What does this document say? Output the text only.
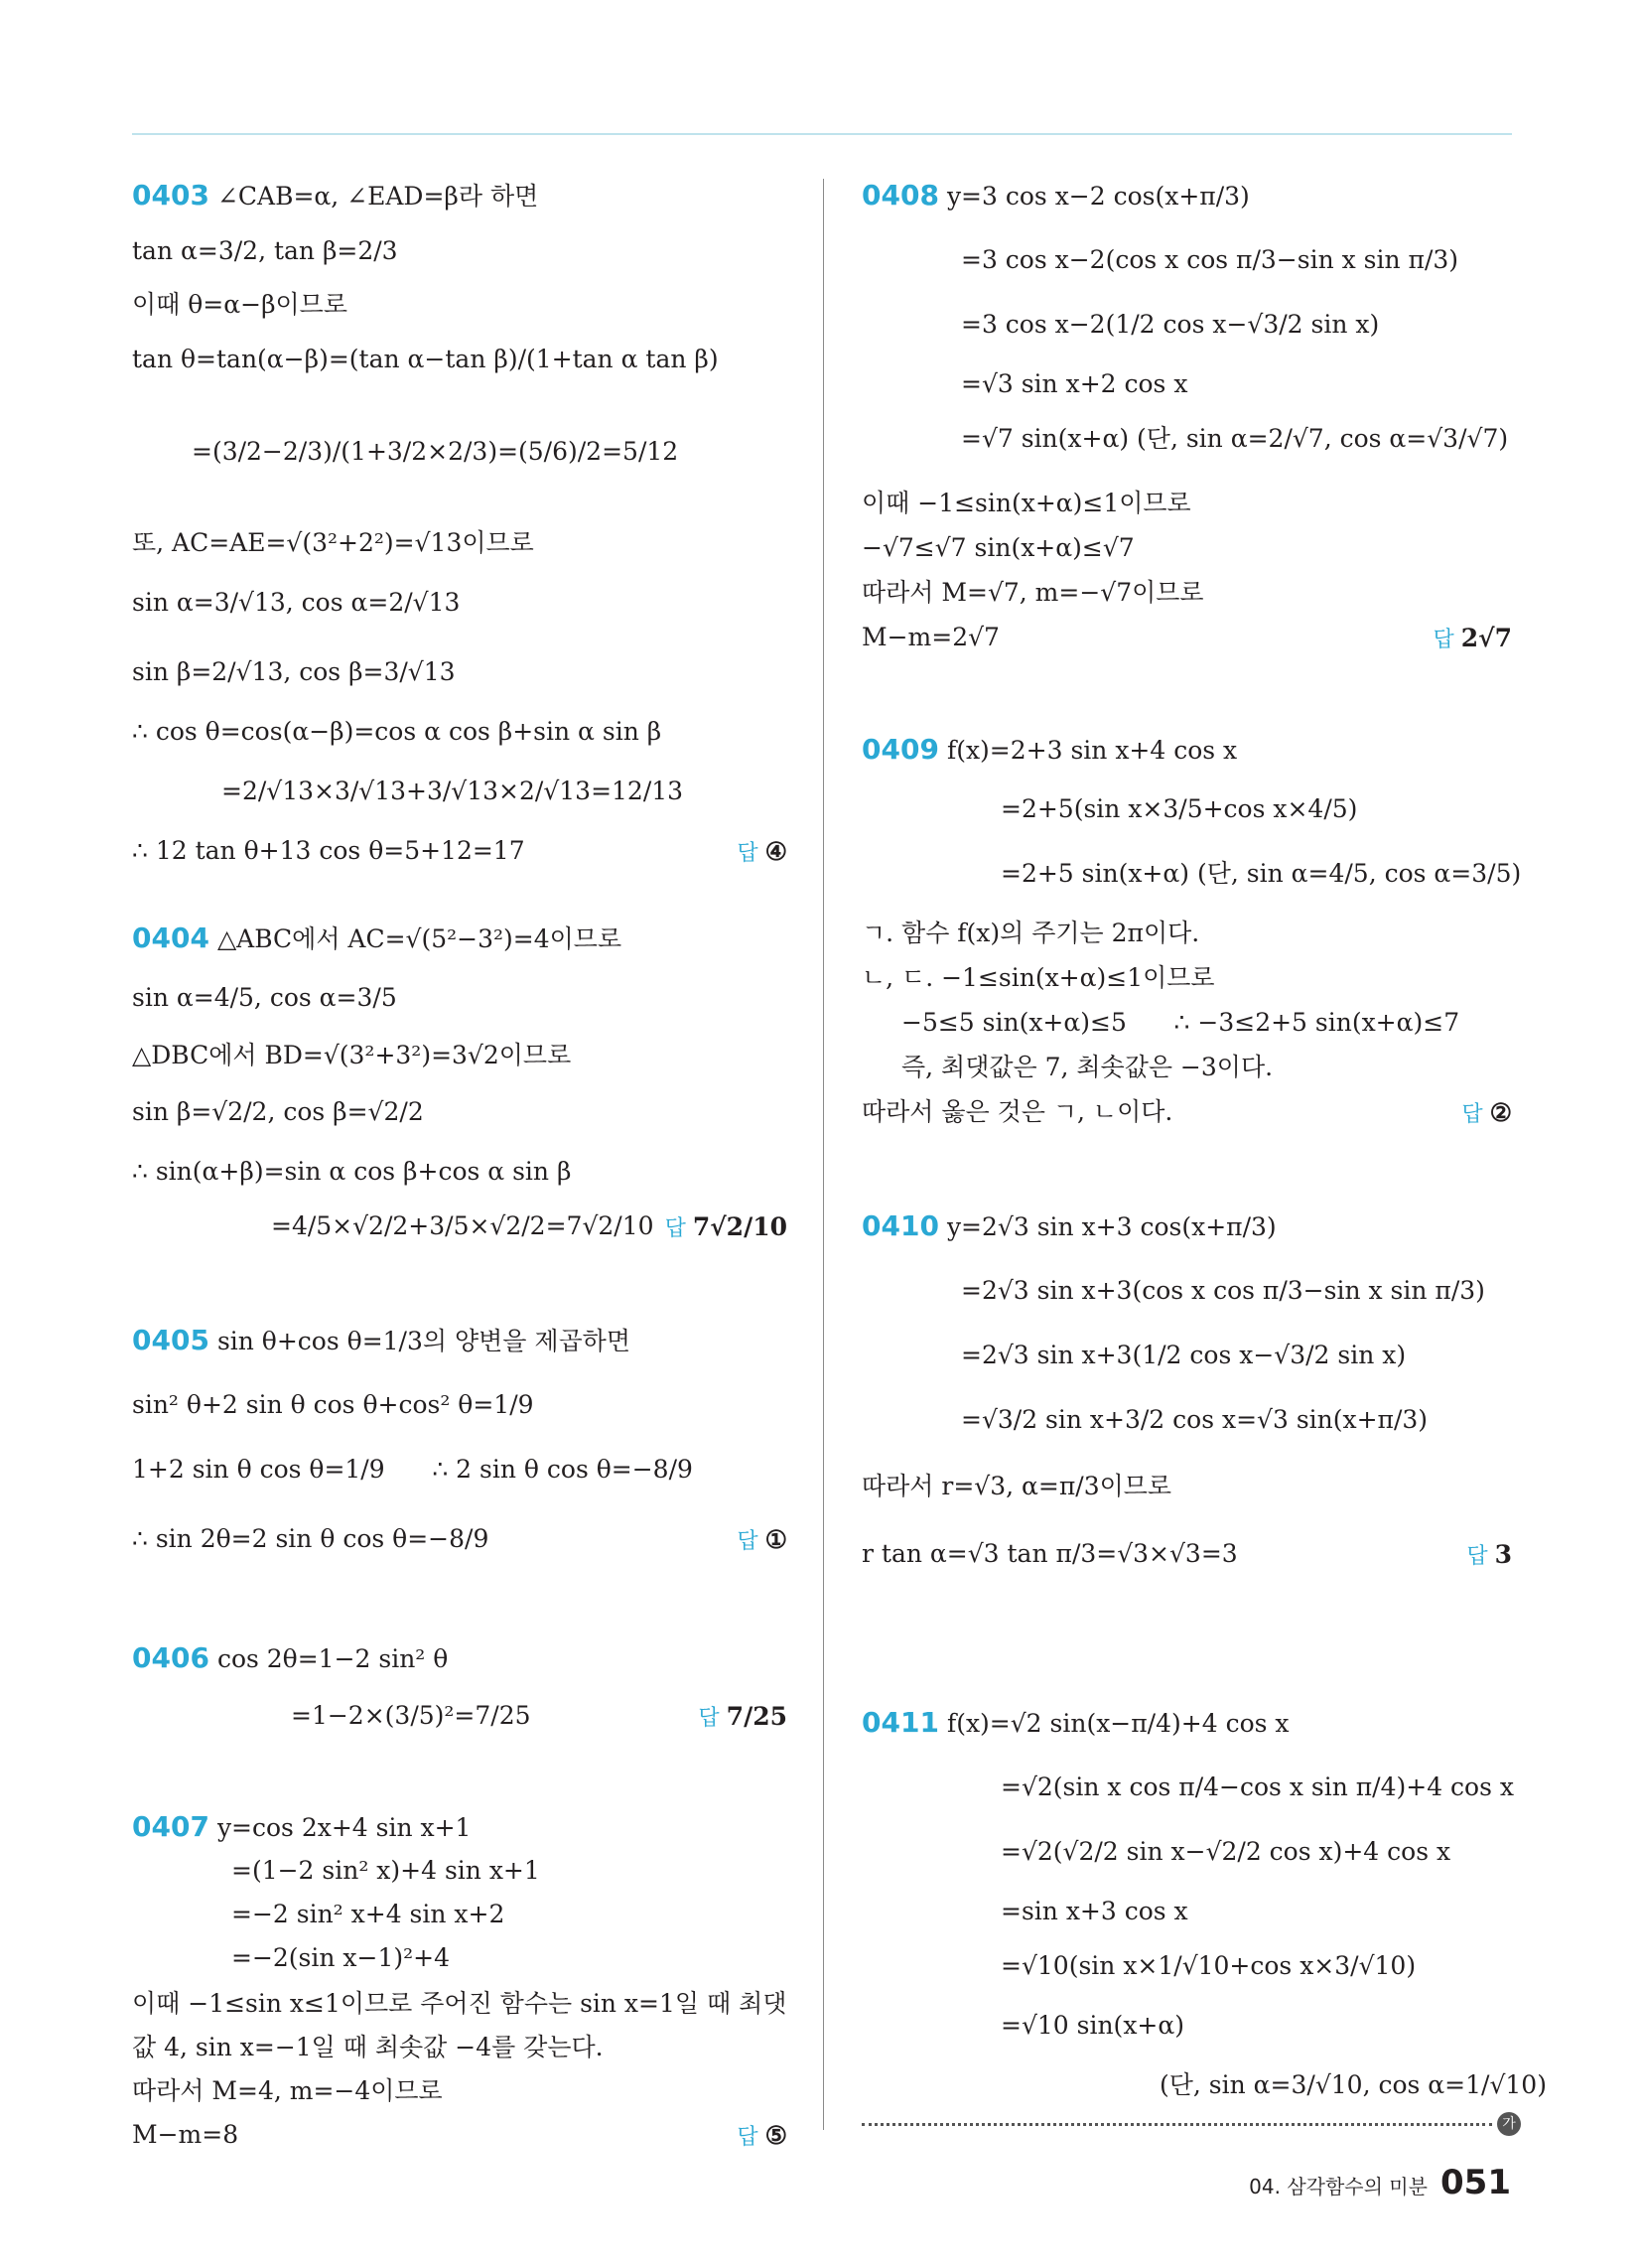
0403 ∠CAB=α, ∠EAD=β라 하면
tan α=3/2, tan β=2/3
이때 θ=α−β이므로
tan θ=tan(α−β)=(tan α−tan β)/(1+tan α tan β)
=(3/2−2/3)/(1+3/2×2/3)=(5/6)/2=5/12
또, AC=AE=√(3²+2²)=√13이므로
sin α=3/√13, cos α=2/√13
sin β=2/√13, cos β=3/√13
∴ cos θ=cos(α−β)=cos α cos β+sin α sin β
=2/√13×3/√13+3/√13×2/√13=12/13
∴ 12 tan θ+13 cos θ=5+12=17	답 ④
0404 △ABC에서 AC=√(5²−3²)=4이므로
sin α=4/5, cos α=3/5
△DBC에서 BD=√(3²+3²)=3√2이므로
sin β=√2/2, cos β=√2/2
∴ sin(α+β)=sin α cos β+cos α sin β
=4/5×√2/2+3/5×√2/2=7√2/10 답 7√2/10
0405 sin θ+cos θ=1/3의 양변을 제곱하면
sin² θ+2 sin θ cos θ+cos² θ=1/9
1+2 sin θ cos θ=1/9      ∴ 2 sin θ cos θ=−8/9
∴ sin 2θ=2 sin θ cos θ=−8/9	답 ①
0406 cos 2θ=1−2 sin² θ
=1−2×(3/5)²=7/25	답 7/25
0407 y=cos 2x+4 sin x+1
=(1−2 sin² x)+4 sin x+1
=−2 sin² x+4 sin x+2
=−2(sin x−1)²+4
이때 −1≤sin x≤1이므로 주어진 함수는 sin x=1일 때 최댓
값 4, sin x=−1일 때 최솟값 −4를 갖는다.
따라서 M=4, m=−4이므로
M−m=8	답 ⑤
0408 y=3 cos x−2 cos(x+π/3)
=3 cos x−2(cos x cos π/3−sin x sin π/3)
=3 cos x−2(1/2 cos x−√3/2 sin x)
=√3 sin x+2 cos x
=√7 sin(x+α) (단, sin α=2/√7, cos α=√3/√7)
이때 −1≤sin(x+α)≤1이므로
−√7≤√7 sin(x+α)≤√7
따라서 M=√7, m=−√7이므로
M−m=2√7	답 2√7
0409 f(x)=2+3 sin x+4 cos x
=2+5(sin x×3/5+cos x×4/5)
=2+5 sin(x+α) (단, sin α=4/5, cos α=3/5)
ㄱ. 함수 f(x)의 주기는 2π이다.
ㄴ, ㄷ. −1≤sin(x+α)≤1이므로
−5≤5 sin(x+α)≤5      ∴ −3≤2+5 sin(x+α)≤7
즉, 최댓값은 7, 최솟값은 −3이다.
따라서 옳은 것은 ㄱ, ㄴ이다.	답 ②
0410 y=2√3 sin x+3 cos(x+π/3)
=2√3 sin x+3(cos x cos π/3−sin x sin π/3)
=2√3 sin x+3(1/2 cos x−√3/2 sin x)
=√3/2 sin x+3/2 cos x=√3 sin(x+π/3)
따라서 r=√3, α=π/3이므로
r tan α=√3 tan π/3=√3×√3=3	답 3
0411 f(x)=√2 sin(x−π/4)+4 cos x
=√2(sin x cos π/4−cos x sin π/4)+4 cos x
=√2(√2/2 sin x−√2/2 cos x)+4 cos x
=sin x+3 cos x
=√10(sin x×1/√10+cos x×3/√10)
=√10 sin(x+α)
(단, sin α=3/√10, cos α=1/√10)
가
04. 삼각함수의 미분 051
